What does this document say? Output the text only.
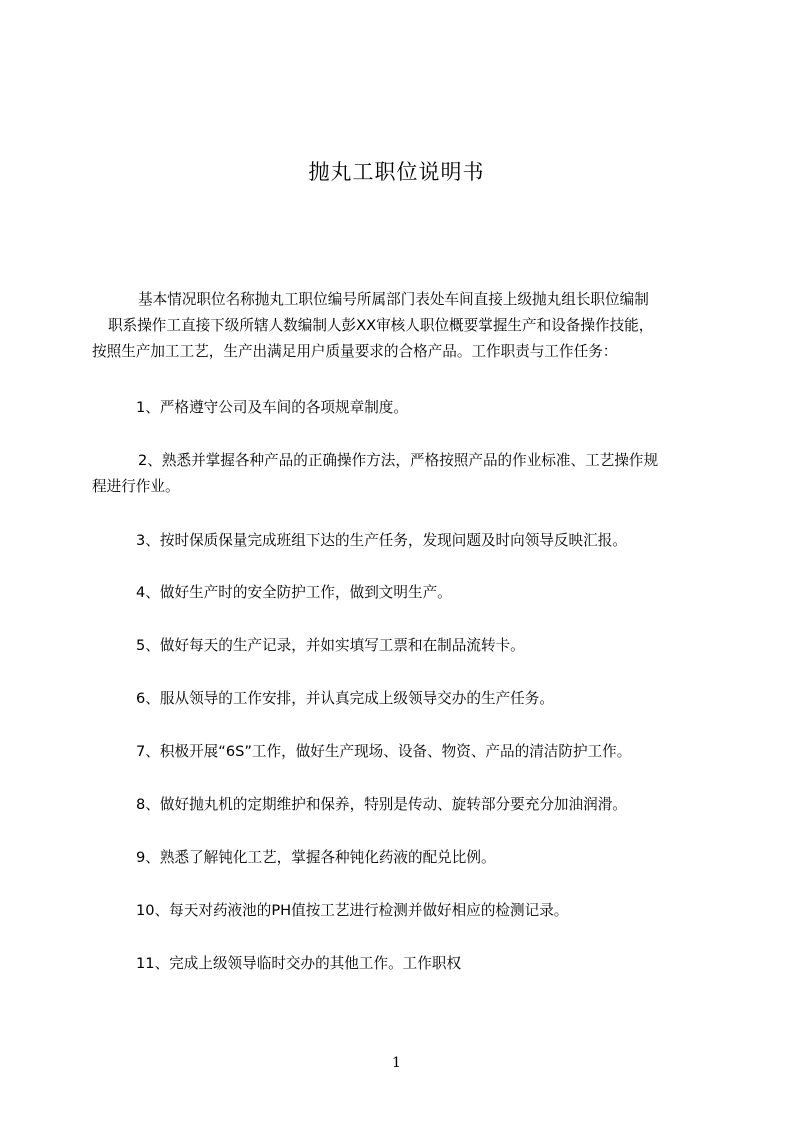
抛丸工职位说明书
基本情况职位名称抛丸工职位编号所属部门表处车间直接上级抛丸组长职位编制
职系操作工直接下级所辖人数编制人彭XX审核人职位概要掌握生产和设备操作技能，
按照生产加工工艺，生产出满足用户质量要求的合格产品。工作职责与工作任务：
1、严格遵守公司及车间的各项规章制度。
2、熟悉并掌握各种产品的正确操作方法，严格按照产品的作业标准、工艺操作规
程进行作业。
3、按时保质保量完成班组下达的生产任务，发现问题及时向领导反映汇报。
4、做好生产时的安全防护工作，做到文明生产。
5、做好每天的生产记录，并如实填写工票和在制品流转卡。
6、服从领导的工作安排，并认真完成上级领导交办的生产任务。
7、积极开展“6S”工作，做好生产现场、设备、物资、产品的清洁防护工作。
8、做好抛丸机的定期维护和保养，特别是传动、旋转部分要充分加油润滑。
9、熟悉了解钝化工艺，掌握各种钝化药液的配兑比例。
10、每天对药液池的PH值按工艺进行检测并做好相应的检测记录。
11、完成上级领导临时交办的其他工作。工作职权
1
